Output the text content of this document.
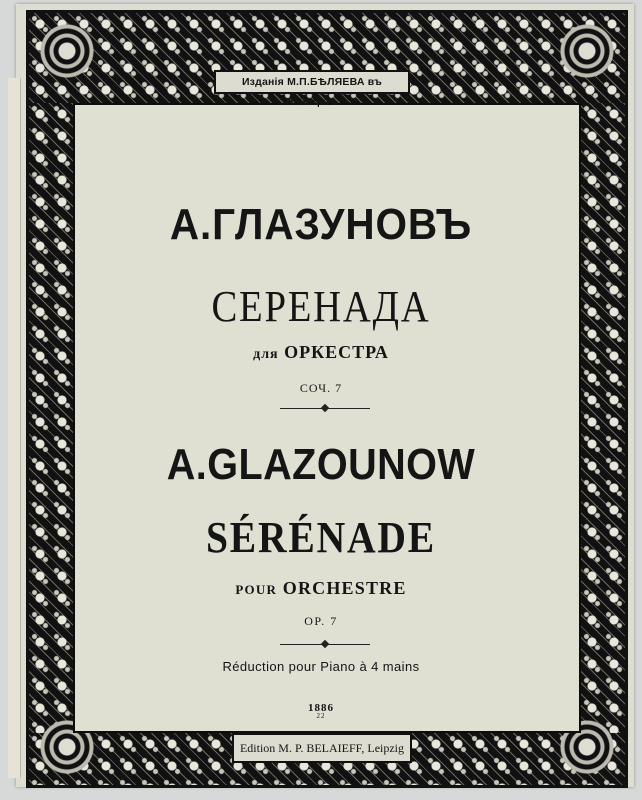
Изданія М.П.БѢЛЯЕВА въ Лейпцигѣ
А.ГЛАЗУНОВЪ
СЕРЕНАДА
для ОРКЕСТРА
СОЧ. 7
A.GLAZOUNOW
SÉRÉNADE
POUR ORCHESTRE
OP. 7
Réduction pour Piano à 4 mains
1886
22
Edition M. P. BELAIEFF, Leipzig
